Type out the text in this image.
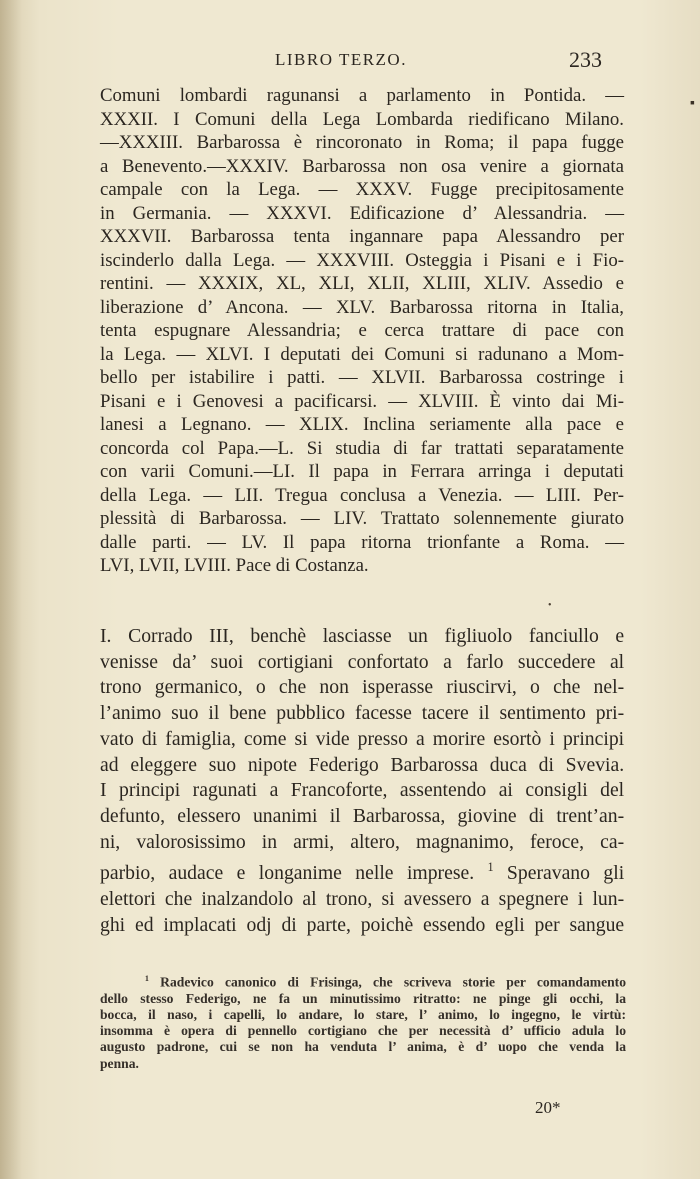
LIBRO TERZO.	233
▪
Comuni lombardi ragunansi a parlamento in Pontida. —
XXXII. I Comuni della Lega Lombarda riedificano Milano.
—XXXIII. Barbarossa è rincoronato in Roma; il papa fugge
a Benevento.—XXXIV. Barbarossa non osa venire a giornata
campale con la Lega. — XXXV. Fugge precipitosamente
in Germania. — XXXVI. Edificazione d’ Alessandria. —
XXXVII. Barbarossa tenta ingannare papa Alessandro per
iscinderlo dalla Lega. — XXXVIII. Osteggia i Pisani e i Fio-
rentini. — XXXIX, XL, XLI, XLII, XLIII, XLIV. Assedio e
liberazione d’ Ancona. — XLV. Barbarossa ritorna in Italia,
tenta espugnare Alessandria; e cerca trattare di pace con
la Lega. — XLVI. I deputati dei Comuni si radunano a Mom-
bello per istabilire i patti. — XLVII. Barbarossa costringe i
Pisani e i Genovesi a pacificarsi. — XLVIII. È vinto dai Mi-
lanesi a Legnano. — XLIX. Inclina seriamente alla pace e
concorda col Papa.—L. Si studia di far trattati separatamente
con varii Comuni.—LI. Il papa in Ferrara arringa i deputati
della Lega. — LII. Tregua conclusa a Venezia. — LIII. Per-
plessità di Barbarossa. — LIV. Trattato solennemente giurato
dalle parti. — LV. Il papa ritorna trionfante a Roma. —
LVI, LVII, LVIII. Pace di Costanza.
•
I. Corrado III, benchè lasciasse un figliuolo fanciullo e
venisse da’ suoi cortigiani confortato a farlo succedere al
trono germanico, o che non isperasse riuscirvi, o che nel-
l’animo suo il bene pubblico facesse tacere il sentimento pri-
vato di famiglia, come si vide presso a morire esortò i principi
ad eleggere suo nipote Federigo Barbarossa duca di Svevia.
I principi ragunati a Francoforte, assentendo ai consigli del
defunto, elessero unanimi il Barbarossa, giovine di trent’an-
ni, valorosissimo in armi, altero, magnanimo, feroce, ca-
parbio, audace e longanime nelle imprese. $^1$ Speravano gli
elettori che inalzandolo al trono, si avessero a spegnere i lun-
ghi ed implacati odj di parte, poichè essendo egli per sangue
$^1$ Radevico canonico di Frisinga, che scriveva storie per comandamento
dello stesso Federigo, ne fa un minutissimo ritratto: ne pinge gli occhi, la
bocca, il naso, i capelli, lo andare, lo stare, l’ animo, lo ingegno, le virtù:
insomma è opera di pennello cortigiano che per necessità d’ ufficio adula lo
augusto padrone, cui se non ha venduta l’ anima, è d’ uopo che venda la
penna.
20*
